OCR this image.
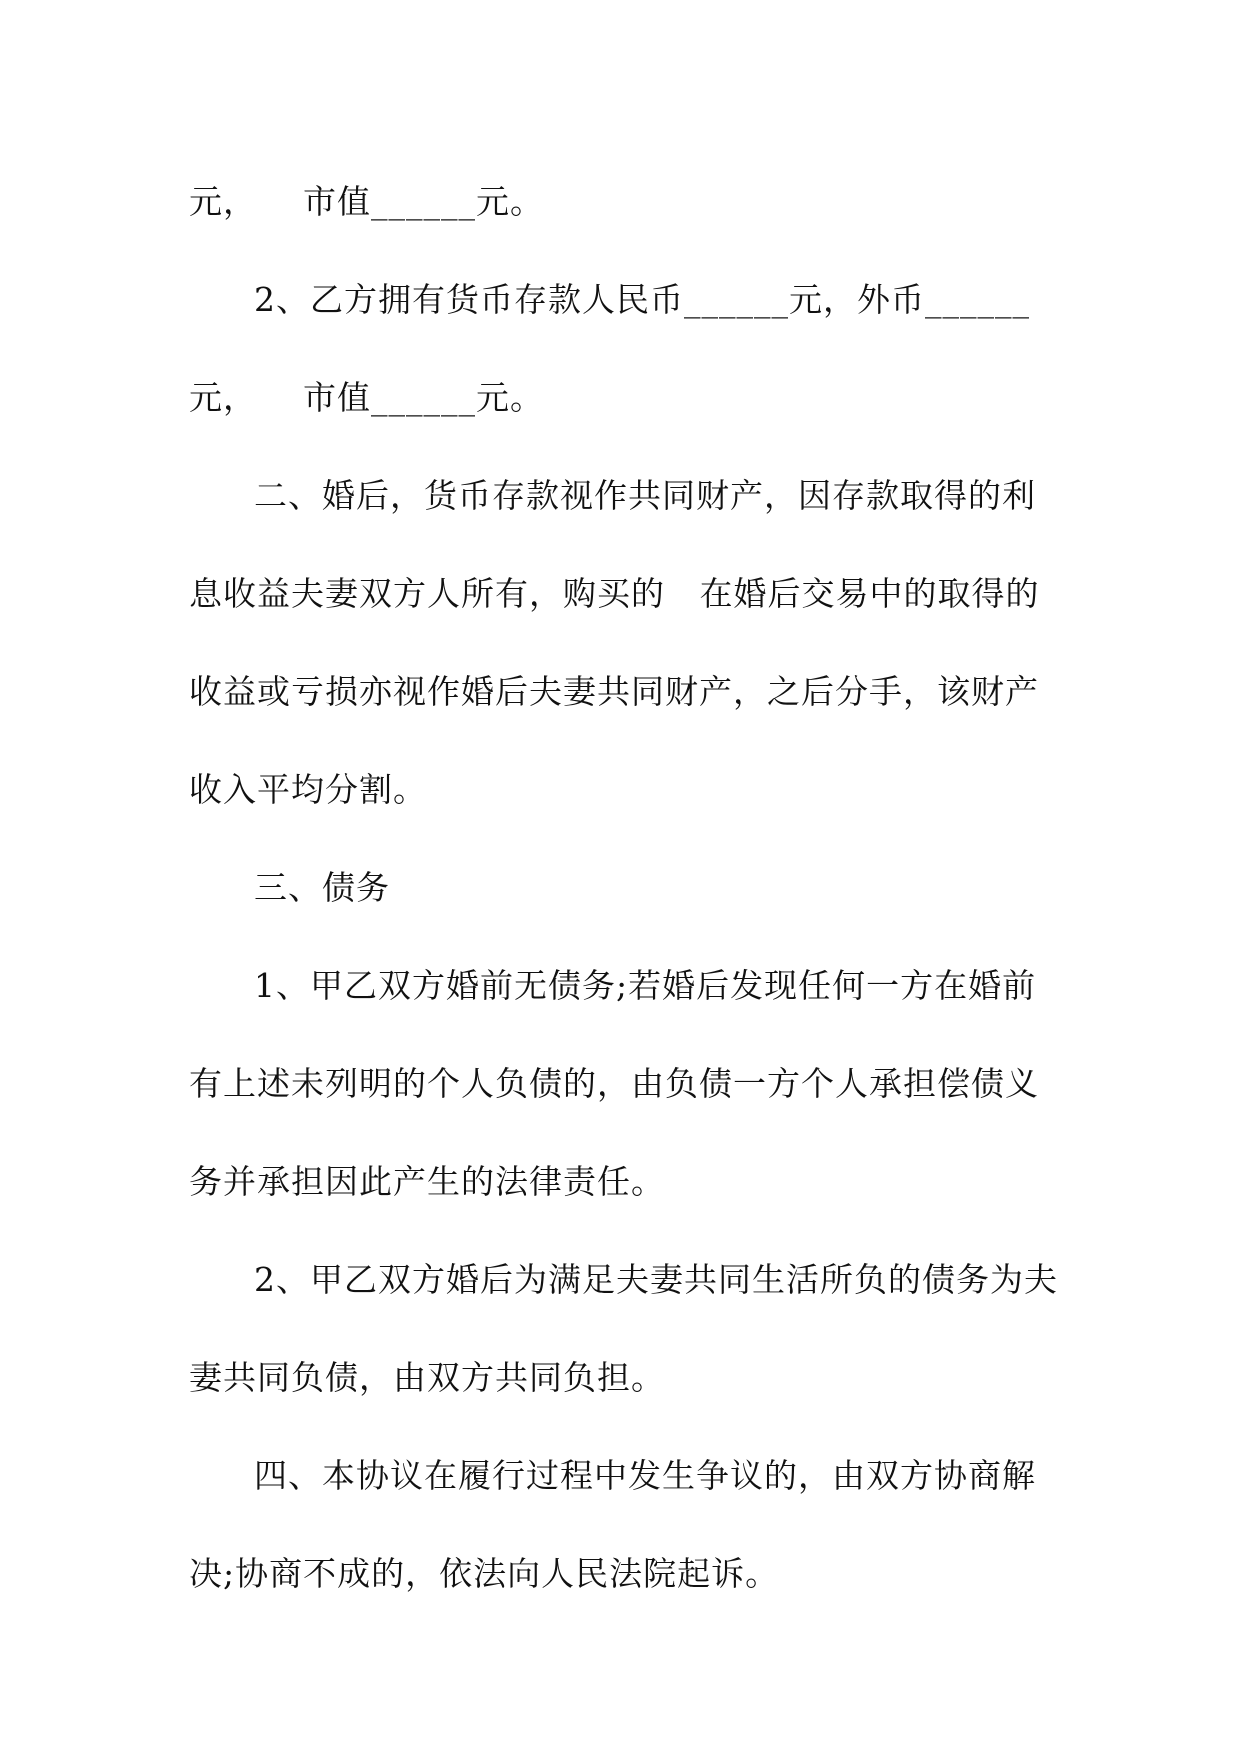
元，    市值______元。
2、乙方拥有货币存款人民币______元，外币______
元，    市值______元。
二、婚后，货币存款视作共同财产，因存款取得的利
息收益夫妻双方人所有，购买的   在婚后交易中的取得的
收益或亏损亦视作婚后夫妻共同财产，之后分手，该财产
收入平均分割。
三、债务
1、甲乙双方婚前无债务;若婚后发现任何一方在婚前
有上述未列明的个人负债的，由负债一方个人承担偿债义
务并承担因此产生的法律责任。
2、甲乙双方婚后为满足夫妻共同生活所负的债务为夫
妻共同负债，由双方共同负担。
四、本协议在履行过程中发生争议的，由双方协商解
决;协商不成的，依法向人民法院起诉。
